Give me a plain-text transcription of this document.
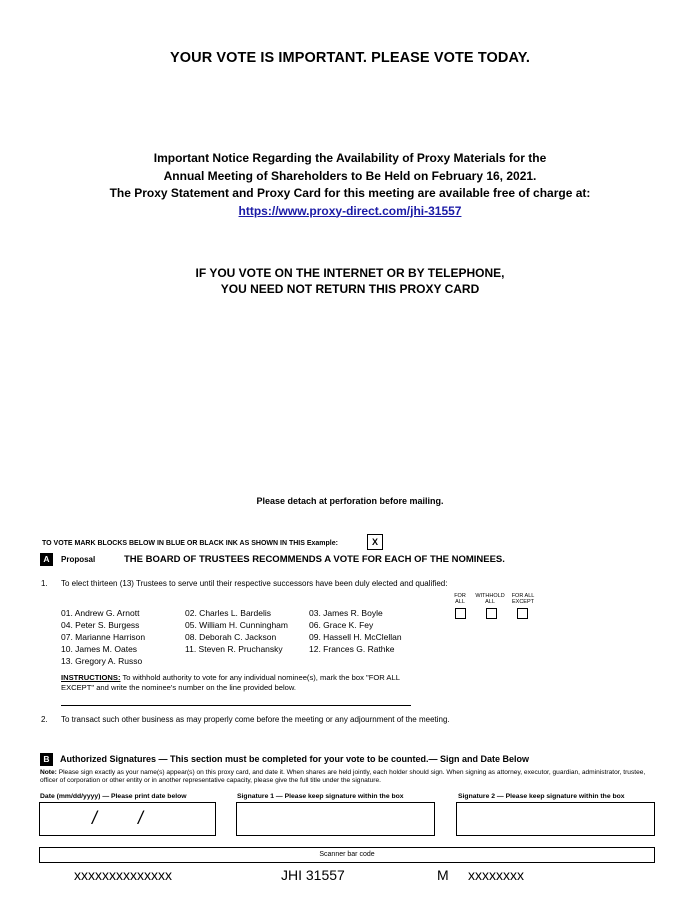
YOUR VOTE IS IMPORTANT. PLEASE VOTE TODAY.
Important Notice Regarding the Availability of Proxy Materials for the
Annual Meeting of Shareholders to Be Held on February 16, 2021.
The Proxy Statement and Proxy Card for this meeting are available free of charge at:
https://www.proxy-direct.com/jhi-31557
IF YOU VOTE ON THE INTERNET OR BY TELEPHONE,
YOU NEED NOT RETURN THIS PROXY CARD
Please detach at perforation before mailing.
TO VOTE MARK BLOCKS BELOW IN BLUE OR BLACK INK AS SHOWN IN THIS Example:	X
A	Proposal	THE BOARD OF TRUSTEES RECOMMENDS A VOTE FOR EACH OF THE NOMINEES.
1. To elect thirteen (13) Trustees to serve until their respective successors have been duly elected and qualified:
FOR
ALL
WITHHOLD
ALL
FOR ALL
EXCEPT
01. Andrew G. Arnott	02. Charles L. Bardelis	03. James R. Boyle
04. Peter S. Burgess	05. William H. Cunningham 06. Grace K. Fey
07. Marianne Harrison	08. Deborah C. Jackson	09. Hassell H. McClellan
10. James M. Oates	11. Steven R. Pruchansky	12. Frances G. Rathke
13. Gregory A. Russo
INSTRUCTIONS: To withhold authority to vote for any individual nominee(s), mark the box "FOR ALL EXCEPT" and write the nominee's number on the line provided below.
2. To transact such other business as may properly come before the meeting or any adjournment of the meeting.
B	Authorized Signatures — This section must be completed for your vote to be counted.— Sign and Date Below
Note: Please sign exactly as your name(s) appear(s) on this proxy card, and date it. When shares are held jointly, each holder should sign. When signing as attorney, executor, guardian, administrator, trustee, officer of corporation or other entity or in another representative capacity, please give the full title under the signature.
Date (mm/dd/yyyy) — Please print date below	Signature 1 — Please keep signature within the box	Signature 2 — Please keep signature within the box
/ /
Scanner bar code
xxxxxxxxxxxxxx	JHI 31557	M xxxxxxxx
